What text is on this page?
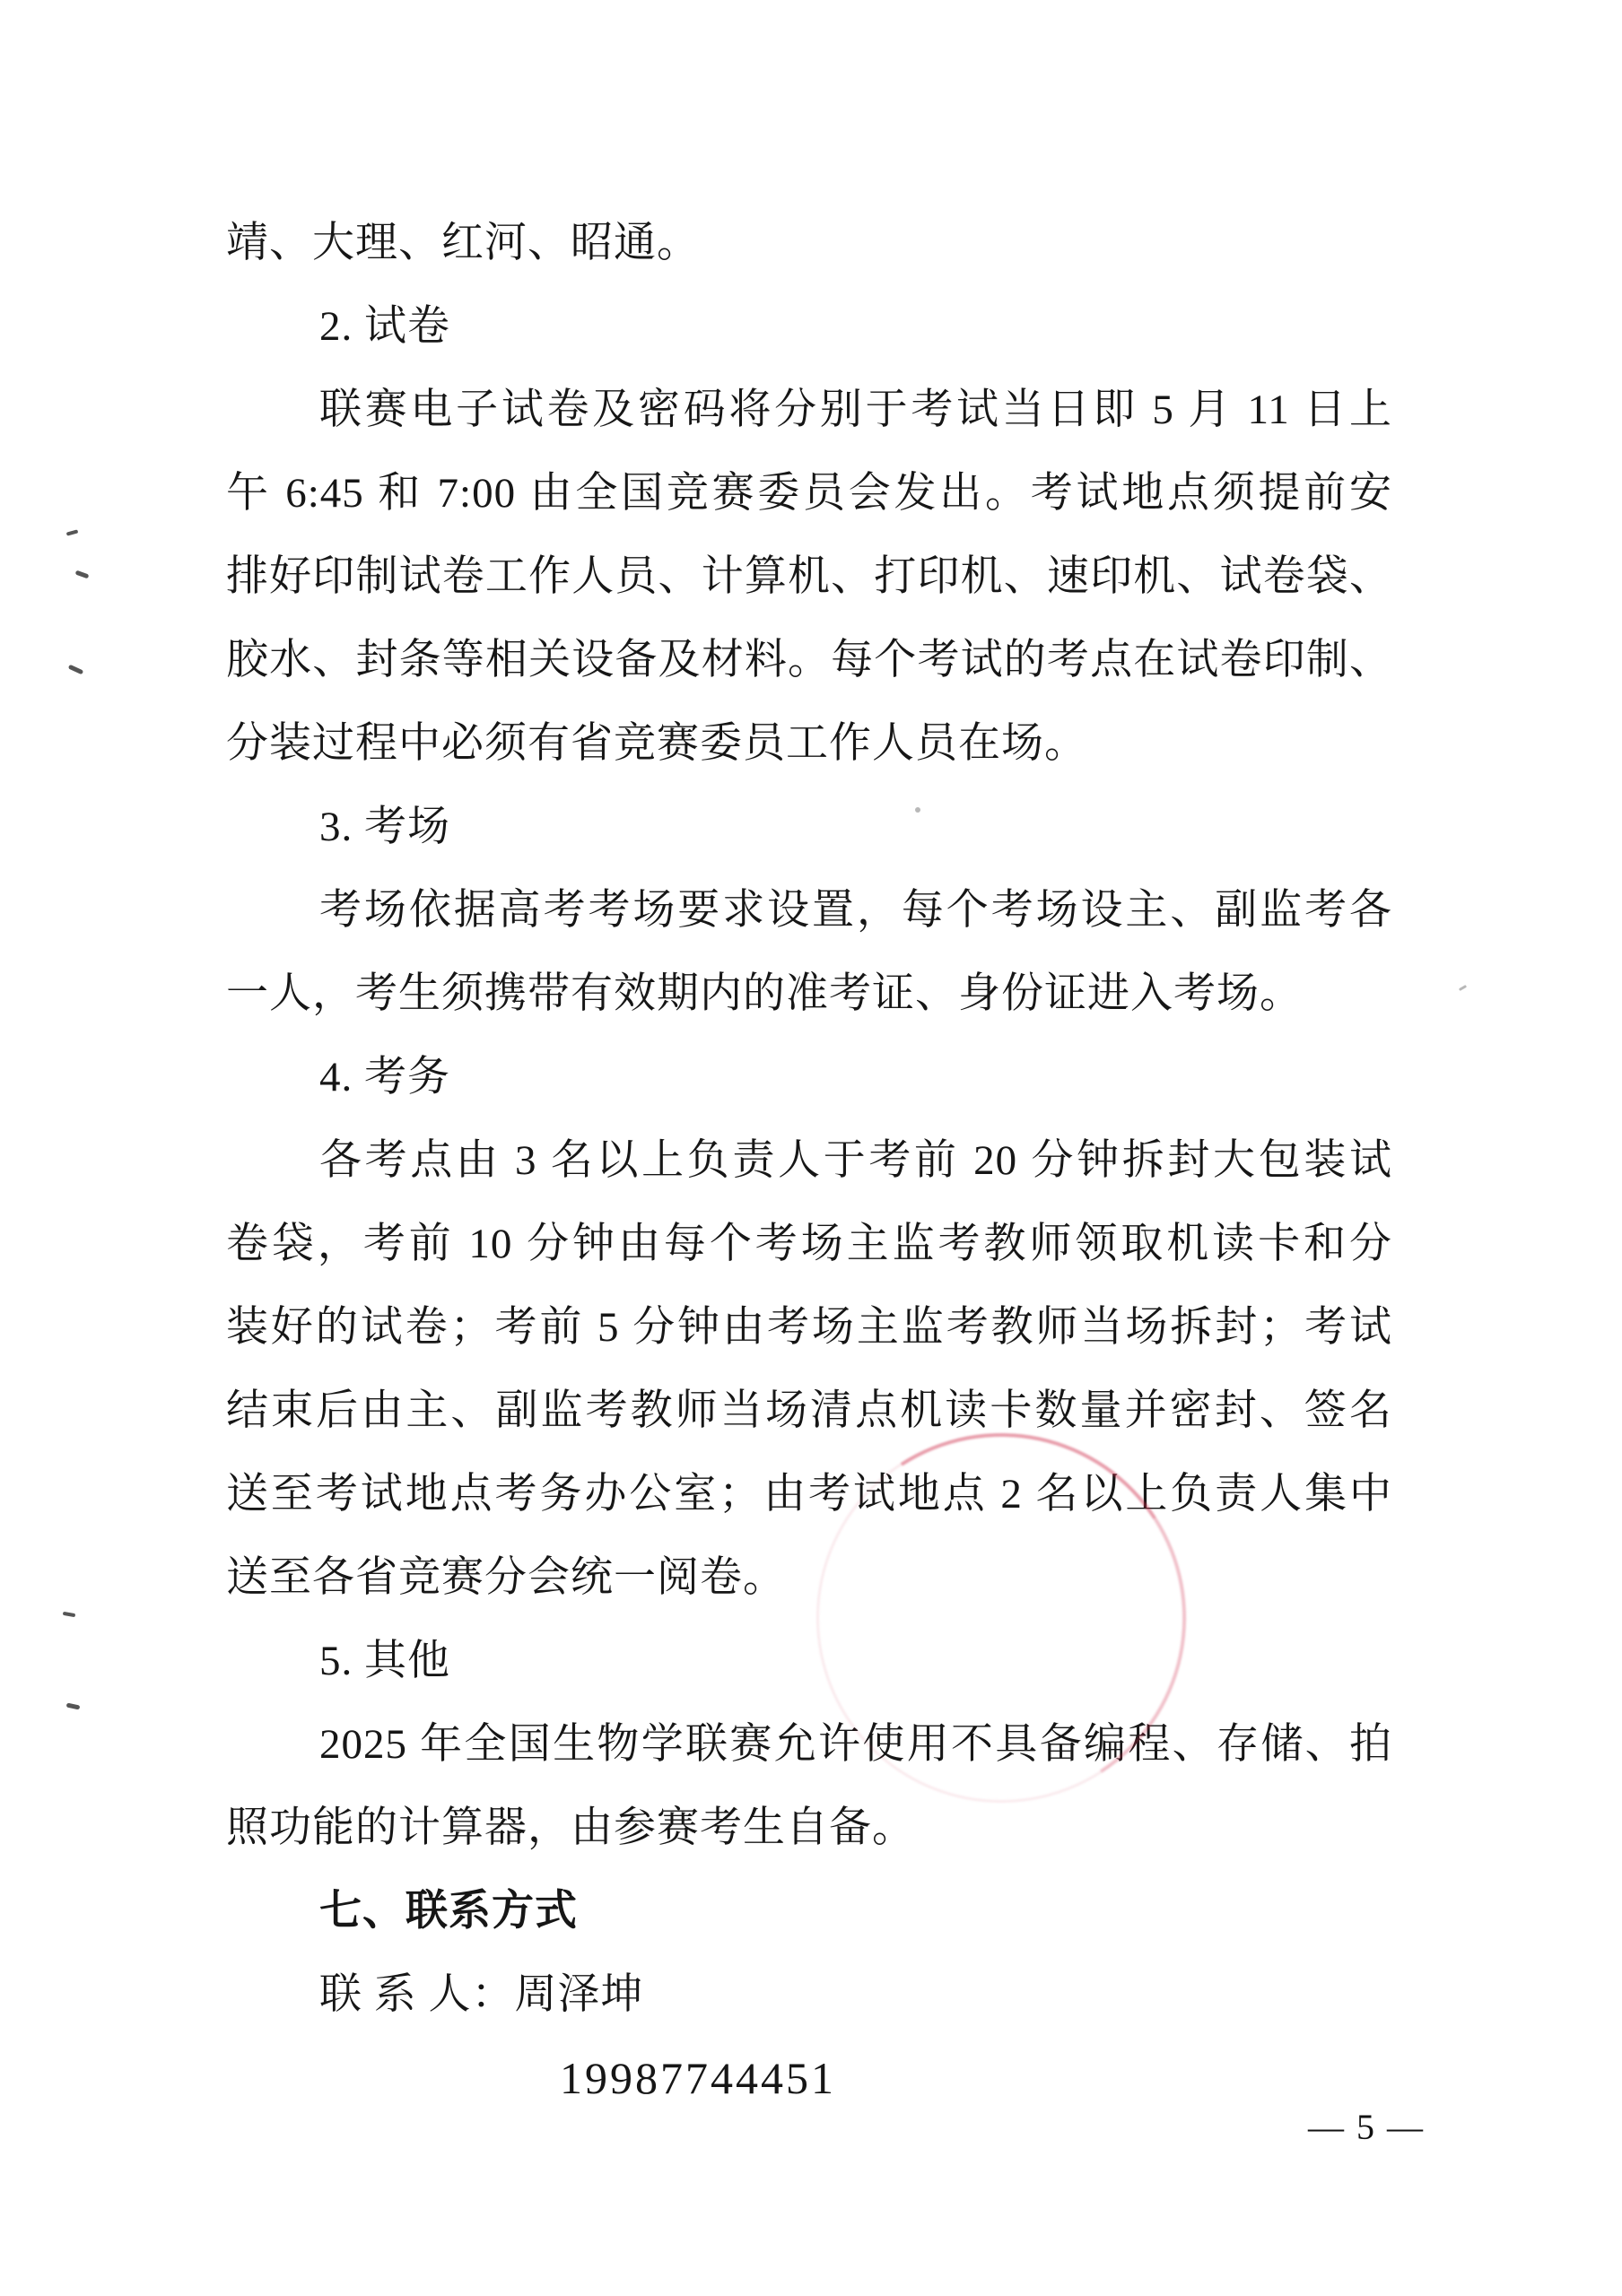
靖、大理、红河、昭通。
2. 试卷
联赛电子试卷及密码将分别于考试当日即 5 月 11 日上
午 6:45 和 7:00 由全国竞赛委员会发出。考试地点须提前安
排好印制试卷工作人员、计算机、打印机、速印机、试卷袋、
胶水、封条等相关设备及材料。每个考试的考点在试卷印制、
分装过程中必须有省竞赛委员工作人员在场。
3. 考场
考场依据高考考场要求设置，每个考场设主、副监考各
一人，考生须携带有效期内的准考证、身份证进入考场。
4. 考务
各考点由 3 名以上负责人于考前 20 分钟拆封大包装试
卷袋，考前 10 分钟由每个考场主监考教师领取机读卡和分
装好的试卷；考前 5 分钟由考场主监考教师当场拆封；考试
结束后由主、副监考教师当场清点机读卡数量并密封、签名
送至考试地点考务办公室；由考试地点 2 名以上负责人集中
送至各省竞赛分会统一阅卷。
5. 其他
2025 年全国生物学联赛允许使用不具备编程、存储、拍
照功能的计算器，由参赛考生自备。
七、联系方式
联 系 人：周泽坤
19987744451
— 5 —
